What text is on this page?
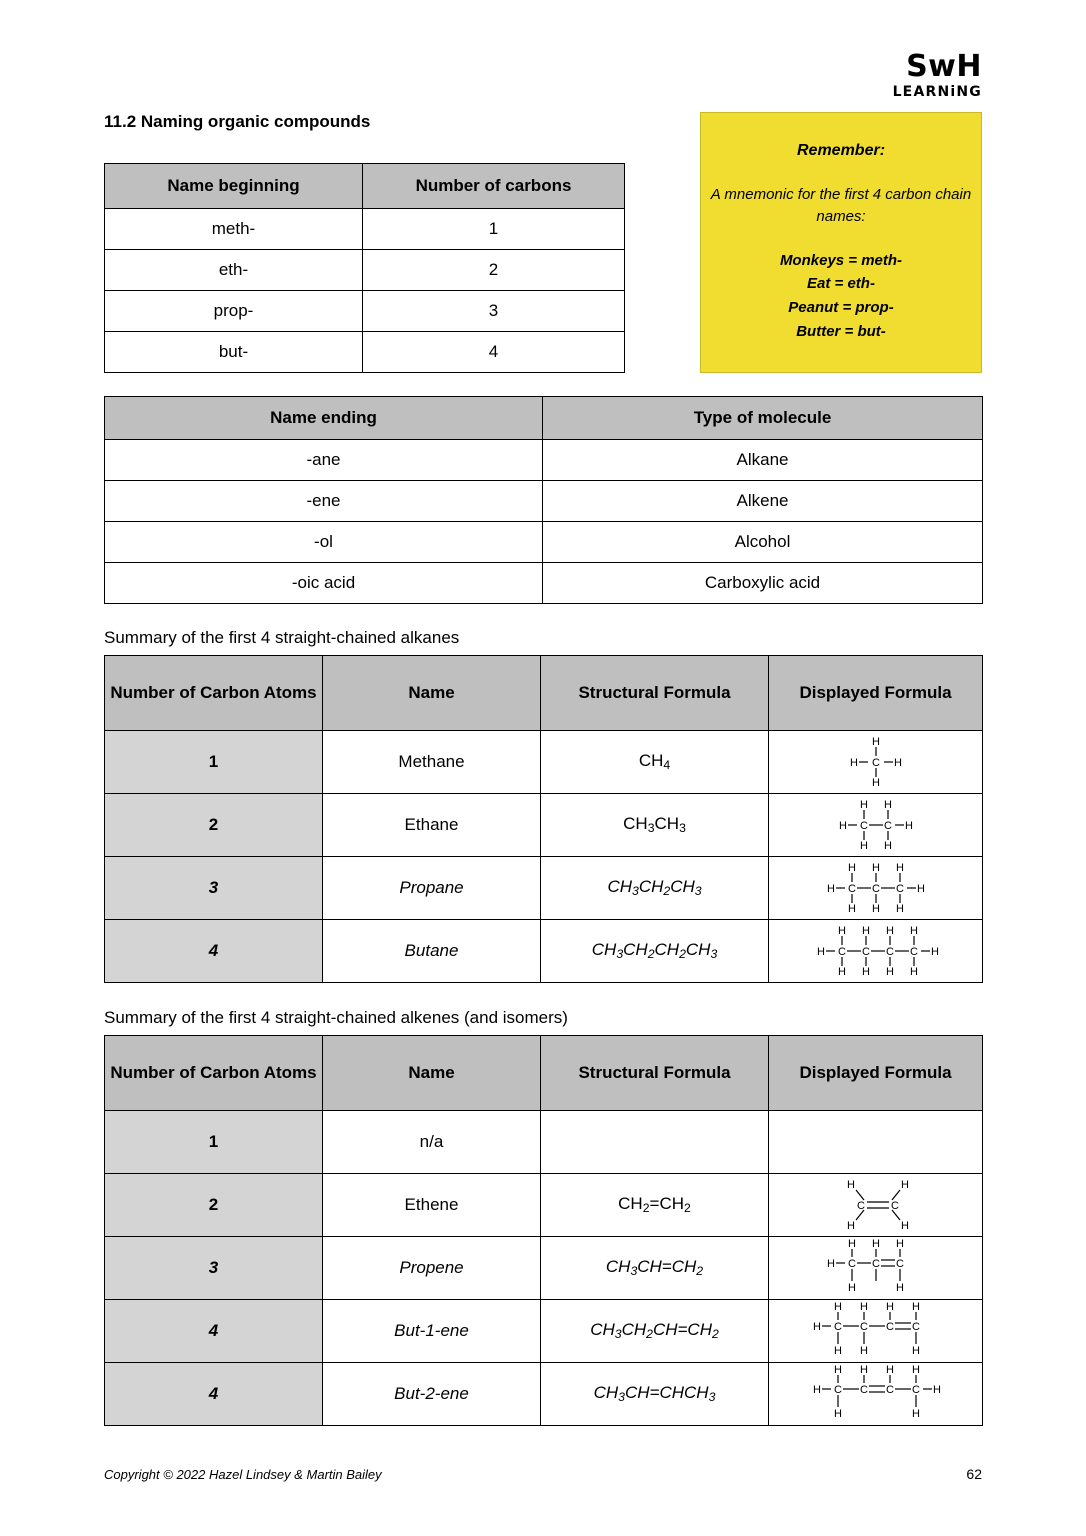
SwH
LEARNiNG
11.2 Naming organic compounds
Name beginning	Number of carbons
meth-	1
eth-	2
prop-	3
but-	4
Remember:
A mnemonic for the first 4 carbon chain names:
Monkeys = meth-
Eat = eth-
Peanut = prop-
Butter = but-
Name ending	Type of molecule
-ane	Alkane
-ene	Alkene
-ol	Alcohol
-oic acid	Carboxylic acid
Summary of the first 4 straight-chained alkanes
Number of Carbon Atoms	Name	Structural Formula	Displayed Formula
1	Methane	$CH_4$	C
H
H
H H

2	Ethane	$CH_3CH_3$	C C
H H
H H
H	H

3	Propane	$CH_3CH_2CH_3$	C C C
H H H
H H H
H	H

4	Butane	$CH_3CH_2CH_2CH_3$	C C C C
H H H H
H H H H
H	H
Summary of the first 4 straight-chained alkenes (and isomers)
Number of Carbon Atoms	Name	Structural Formula	Displayed Formula
1	n/a		
2	Ethene	$CH_2=CH_2$	C C
H	H
H	H

3	Propene	$CH_3CH=CH_2$	
C C C
H H H
H	H
H

4	But-1-ene	$CH_3CH_2CH=CH_2$	
C C C C
H H H H
H H	H
H

4	But-2-ene	$CH_3CH=CHCH_3$	
C C C C
H H H H
H	H
H	H
Copyright © 2022 Hazel Lindsey & Martin Bailey	62
